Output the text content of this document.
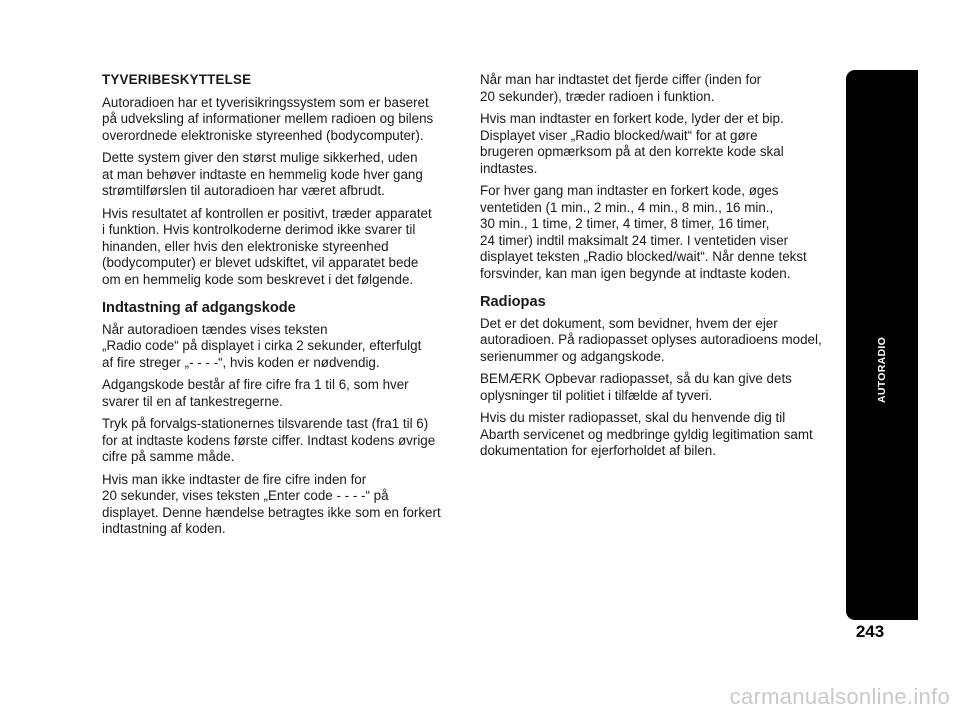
TYVERIBESKYTTELSE

Autoradioen har et tyverisikringssystem som er baseret
på udveksling af informationer mellem radioen og bilens
overordnede elektroniske styreenhed (bodycomputer).

Dette system giver den størst mulige sikkerhed, uden
at man behøver indtaste en hemmelig kode hver gang
strømtilførslen til autoradioen har været afbrudt.

Hvis resultatet af kontrollen er positivt, træder apparatet
i funktion. Hvis kontrolkoderne derimod ikke svarer til
hinanden, eller hvis den elektroniske styreenhed
(bodycomputer) er blevet udskiftet, vil apparatet bede
om en hemmelig kode som beskrevet i det følgende.

Indtastning af adgangskode

Når autoradioen tændes vises teksten
„Radio code“ på displayet i cirka 2 sekunder, efterfulgt
af fire streger „- - - -“, hvis koden er nødvendig.

Adgangskode består af fire cifre fra 1 til 6, som hver
svarer til en af tankestregerne.

Tryk på forvalgs-stationernes tilsvarende tast (fra1 til 6)
for at indtaste kodens første ciffer. Indtast kodens øvrige
cifre på samme måde.

Hvis man ikke indtaster de fire cifre inden for
20 sekunder, vises teksten „Enter code - - - -“ på
displayet. Denne hændelse betragtes ikke som en forkert
indtastning af koden.

Når man har indtastet det fjerde ciffer (inden for
20 sekunder), træder radioen i funktion.

Hvis man indtaster en forkert kode, lyder der et bip.
Displayet viser „Radio blocked/wait“ for at gøre
brugeren opmærksom på at den korrekte kode skal
indtastes.

For hver gang man indtaster en forkert kode, øges
ventetiden (1 min., 2 min., 4 min., 8 min., 16 min.,
30 min., 1 time, 2 timer, 4 timer, 8 timer, 16 timer,
24 timer) indtil maksimalt 24 timer. I ventetiden viser
displayet teksten „Radio blocked/wait“. Når denne tekst
forsvinder, kan man igen begynde at indtaste koden.

Radiopas

Det er det dokument, som bevidner, hvem der ejer
autoradioen. På radiopasset oplyses autoradioens model,
serienummer og adgangskode.

BEMÆRK Opbevar radiopasset, så du kan give dets
oplysninger til politiet i tilfælde af tyveri.

Hvis du mister radiopasset, skal du henvende dig til
Abarth servicenet og medbringe gyldig legitimation samt
dokumentation for ejerforholdet af bilen.

AUTORADIO
243
carmanualsonline.info
